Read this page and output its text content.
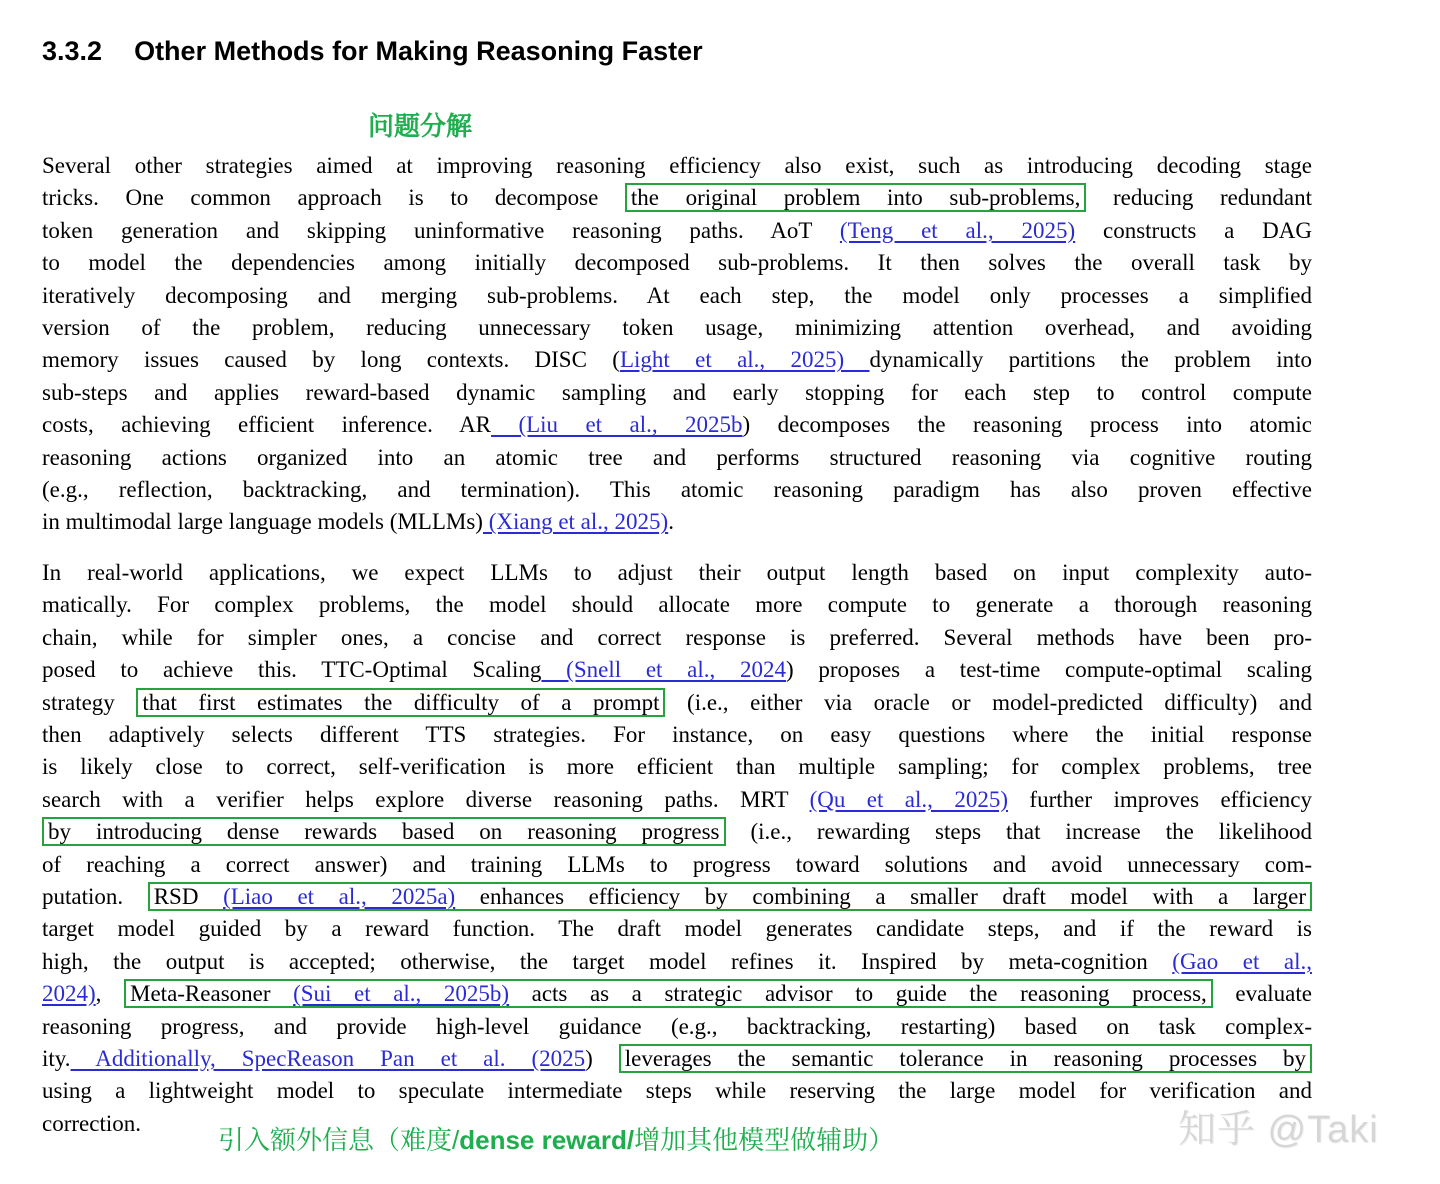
3.3.2 Other Methods for Making Reasoning Faster
问题分解
Several other strategies aimed at improving reasoning efficiency also exist, such as introducing decoding stage
tricks. One common approach is to decompose the original problem into sub-problems, reducing redundant
token generation and skipping uninformative reasoning paths. AoT (Teng et al., 2025) constructs a DAG
to model the dependencies among initially decomposed sub-problems. It then solves the overall task by
iteratively decomposing and merging sub-problems. At each step, the model only processes a simplified
version of the problem, reducing unnecessary token usage, minimizing attention overhead, and avoiding
memory issues caused by long contexts. DISC (Light et al., 2025) dynamically partitions the problem into
sub-steps and applies reward-based dynamic sampling and early stopping for each step to control compute
costs, achieving efficient inference. AR (Liu et al., 2025b) decomposes the reasoning process into atomic
reasoning actions organized into an atomic tree and performs structured reasoning via cognitive routing
(e.g., reflection, backtracking, and termination). This atomic reasoning paradigm has also proven effective
in multimodal large language models (MLLMs) (Xiang et al., 2025).
In real-world applications, we expect LLMs to adjust their output length based on input complexity auto-
matically. For complex problems, the model should allocate more compute to generate a thorough reasoning
chain, while for simpler ones, a concise and correct response is preferred. Several methods have been pro-
posed to achieve this. TTC-Optimal Scaling (Snell et al., 2024) proposes a test-time compute-optimal scaling
strategy that first estimates the difficulty of a prompt (i.e., either via oracle or model-predicted difficulty) and
then adaptively selects different TTS strategies. For instance, on easy questions where the initial response
is likely close to correct, self-verification is more efficient than multiple sampling; for complex problems, tree
search with a verifier helps explore diverse reasoning paths. MRT (Qu et al., 2025) further improves efficiency
by introducing dense rewards based on reasoning progress (i.e., rewarding steps that increase the likelihood
of reaching a correct answer) and training LLMs to progress toward solutions and avoid unnecessary com-
putation. RSD (Liao et al., 2025a) enhances efficiency by combining a smaller draft model with a larger
target model guided by a reward function. The draft model generates candidate steps, and if the reward is
high, the output is accepted; otherwise, the target model refines it. Inspired by meta-cognition (Gao et al.,
2024), Meta-Reasoner (Sui et al., 2025b) acts as a strategic advisor to guide the reasoning process, evaluate
reasoning progress, and provide high-level guidance (e.g., backtracking, restarting) based on task complex-
ity. Additionally, SpecReason Pan et al. (2025) leverages the semantic tolerance in reasoning processes by
using a lightweight model to speculate intermediate steps while reserving the large model for verification and
correction.
引入额外信息（难度/dense reward/增加其他模型做辅助）	知乎 @Taki
